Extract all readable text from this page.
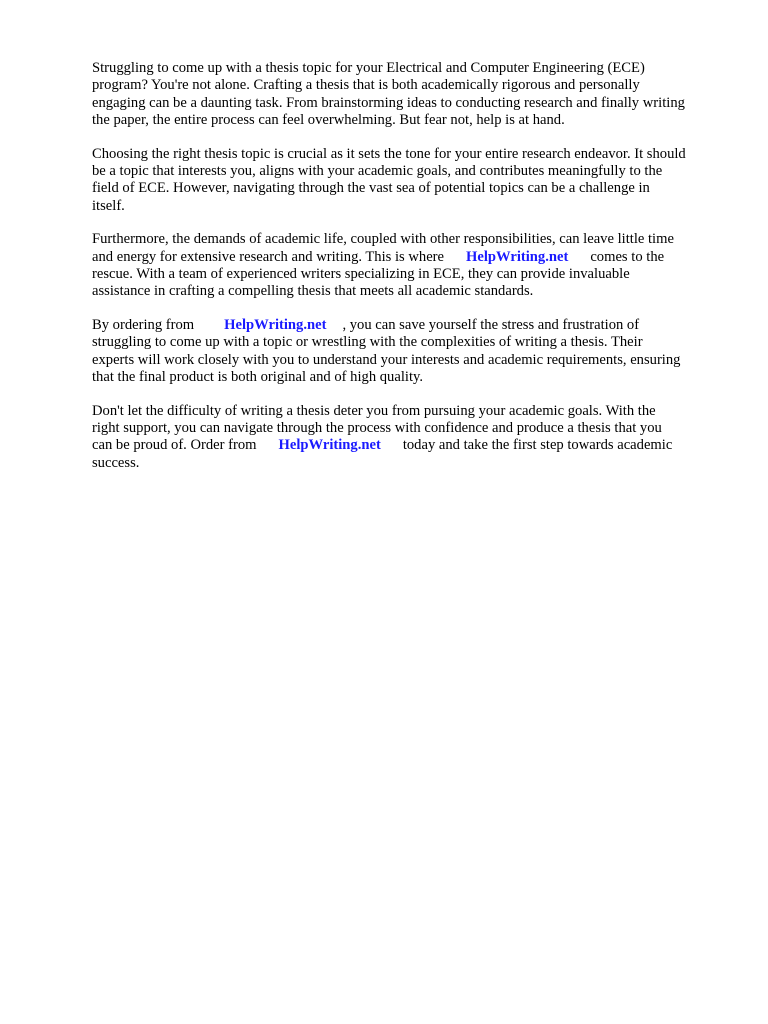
Struggling to come up with a thesis topic for your Electrical and Computer Engineering (ECE)
program? You're not alone. Crafting a thesis that is both academically rigorous and personally
engaging can be a daunting task. From brainstorming ideas to conducting research and finally writing
the paper, the entire process can feel overwhelming. But fear not, help is at hand.

Choosing the right thesis topic is crucial as it sets the tone for your entire research endeavor. It should
be a topic that interests you, aligns with your academic goals, and contributes meaningfully to the
field of ECE. However, navigating through the vast sea of potential topics can be a challenge in
itself.

Furthermore, the demands of academic life, coupled with other responsibilities, can leave little time
and energy for extensive research and writing. This is where HelpWriting.net comes to the
rescue. With a team of experienced writers specializing in ECE, they can provide invaluable
assistance in crafting a compelling thesis that meets all academic standards.

By ordering from HelpWriting.net , you can save yourself the stress and frustration of
struggling to come up with a topic or wrestling with the complexities of writing a thesis. Their
experts will work closely with you to understand your interests and academic requirements, ensuring
that the final product is both original and of high quality.

Don't let the difficulty of writing a thesis deter you from pursuing your academic goals. With the
right support, you can navigate through the process with confidence and produce a thesis that you
can be proud of. Order from HelpWriting.net today and take the first step towards academic
success.
